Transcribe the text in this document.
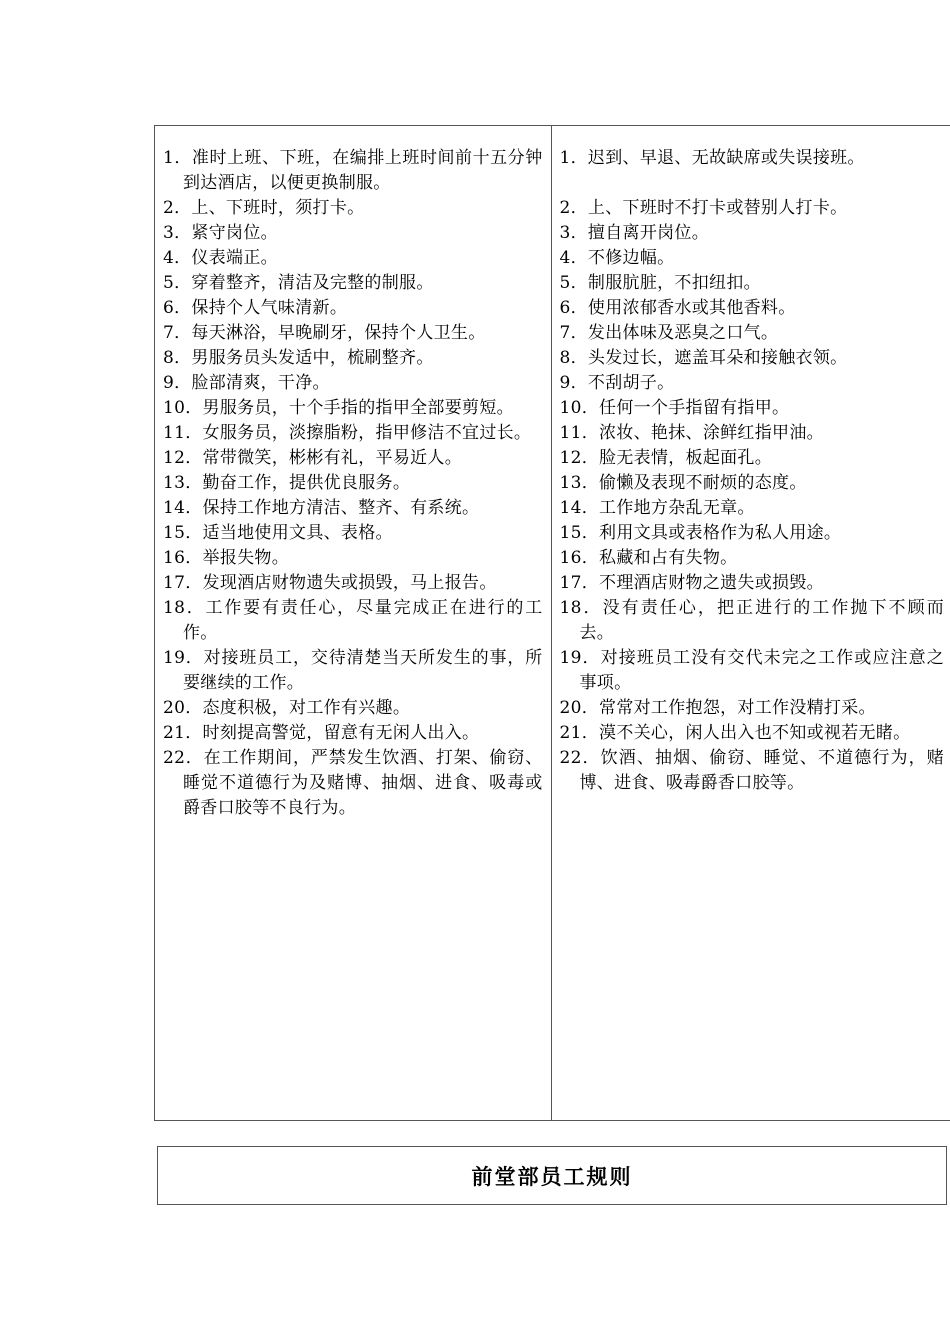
1．准时上班、下班，在编排上班时间前十五分钟到达酒店，以便更换制服。
2．上、下班时，须打卡。
3．紧守岗位。
4．仪表端正。
5．穿着整齐，清洁及完整的制服。
6．保持个人气味清新。
7．每天淋浴，早晚刷牙，保持个人卫生。
8．男服务员头发适中，梳刷整齐。
9．脸部清爽，干净。
10．男服务员，十个手指的指甲全部要剪短。
11．女服务员，淡擦脂粉，指甲修洁不宜过长。
12．常带微笑，彬彬有礼，平易近人。
13．勤奋工作，提供优良服务。
14．保持工作地方清洁、整齐、有系统。
15．适当地使用文具、表格。
16．举报失物。
17．发现酒店财物遗失或损毁，马上报告。
18．工作要有责任心，尽量完成正在进行的工作。
19．对接班员工，交待清楚当天所发生的事，所要继续的工作。
20．态度积极，对工作有兴趣。
21．时刻提高警觉，留意有无闲人出入。
22．在工作期间，严禁发生饮酒、打架、偷窃、睡觉不道德行为及赌博、抽烟、进食、吸毒或爵香口胶等不良行为。
1．迟到、早退、无故缺席或失误接班。
2．上、下班时不打卡或替别人打卡。
3．擅自离开岗位。
4．不修边幅。
5．制服肮脏，不扣纽扣。
6．使用浓郁香水或其他香料。
7．发出体味及恶臭之口气。
8．头发过长，遮盖耳朵和接触衣领。
9．不刮胡子。
10．任何一个手指留有指甲。
11．浓妆、艳抹、涂鲜红指甲油。
12．脸无表情，板起面孔。
13．偷懒及表现不耐烦的态度。
14．工作地方杂乱无章。
15．利用文具或表格作为私人用途。
16．私藏和占有失物。
17．不理酒店财物之遗失或损毁。
18．没有责任心，把正进行的工作抛下不顾而去。
19．对接班员工没有交代未完之工作或应注意之事项。
20．常常对工作抱怨，对工作没精打采。
21．漠不关心，闲人出入也不知或视若无睹。
22．饮酒、抽烟、偷窃、睡觉、不道德行为，赌博、进食、吸毒爵香口胶等。
前堂部员工规则
